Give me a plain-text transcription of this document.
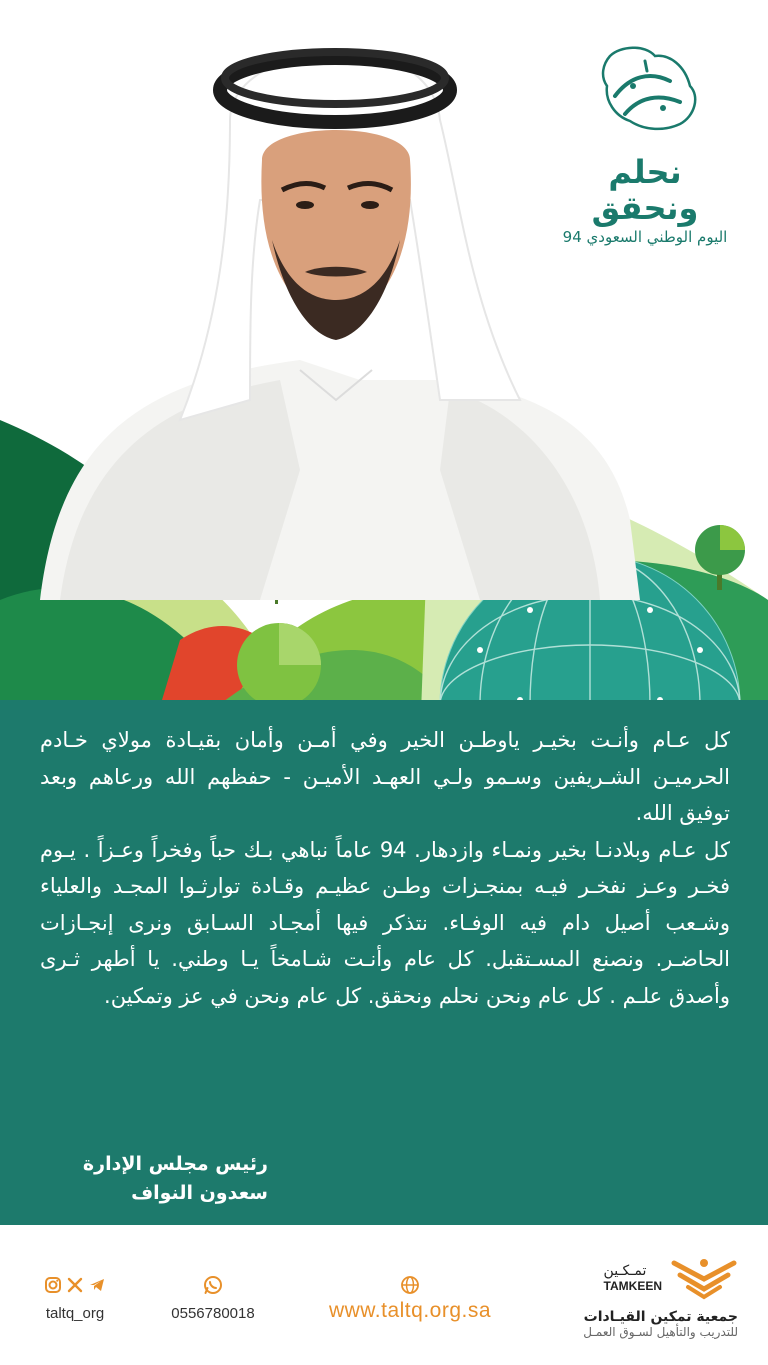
نحلم ونحقق
اليوم الوطني السعودي 94

كل عـام وأنـت بخيـر ياوطـن الخير وفي أمـن وأمان بقيـادة مولاي خـادم الحرميـن الشـريفين وسـمو ولـي العهـد الأميـن - حفظهم الله ورعاهم وبعد توفيق الله.

كل عـام وبلادنـا بخير ونمـاء وازدهار. 94 عاماً نباهي بـك حباً وفخراً وعـزاً . يـوم فخـر وعـز نفخـر فيـه بمنجـزات وطـن عظيـم وقـادة توارثـوا المجـد والعلياء وشـعب أصيل دام فيه الوفـاء. نتذكر فيها أمجـاد السـابق ونرى إنجـازات الحاضـر. ونصنع المسـتقبل. كل عام وأنـت شـامخاً يـا وطني. يا أطهر ثـرى وأصدق علـم . كل عام ونحن نحلم ونحقق. كل عام ونحن في عز وتمكين.

رئيس مجلس الإدارة
سعدون النواف

taltq_org	0556780018	www.taltq.org.sa
تمـكـين
TAMKEEN
جمعية تمكين القيـادات
للتدريب والتأهيل لسـوق العمـل
